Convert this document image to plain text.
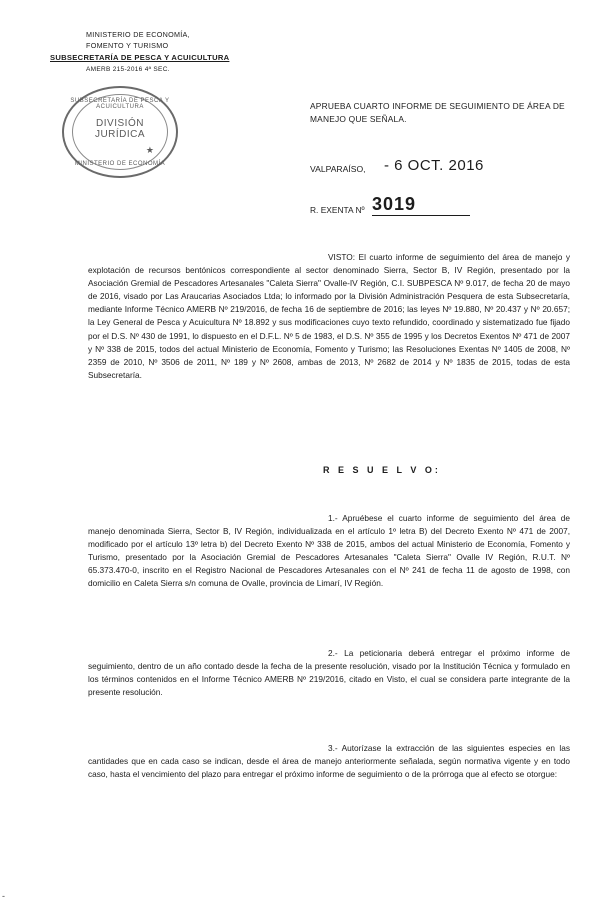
MINISTERIO DE ECONOMÍA,
FOMENTO Y TURISMO
SUBSECRETARÍA DE PESCA Y ACUICULTURA
AMERB 215-2016 4ª SEC.
SUBSECRETARÍA DE PESCA Y ACUICULTURA
DIVISIÓN
JURÍDICA
MINISTERIO DE ECONOMÍA
★
APRUEBA CUARTO INFORME DE SEGUIMIENTO DE ÁREA DE MANEJO QUE SEÑALA.
VALPARAÍSO, - 6 OCT. 2016
R. EXENTA Nº 3019
VISTO: El cuarto informe de seguimiento del área de manejo y explotación de recursos bentónicos correspondiente al sector denominado Sierra, Sector B, IV Región, presentado por la Asociación Gremial de Pescadores Artesanales "Caleta Sierra" Ovalle-IV Región, C.I. SUBPESCA Nº 9.017, de fecha 20 de mayo de 2016, visado por Las Araucarias Asociados Ltda; lo informado por la División Administración Pesquera de esta Subsecretaría, mediante Informe Técnico AMERB Nº 219/2016, de fecha 16 de septiembre de 2016; las leyes Nº 19.880, Nº 20.437 y Nº 20.657; la Ley General de Pesca y Acuicultura Nº 18.892 y sus modificaciones cuyo texto refundido, coordinado y sistematizado fue fijado por el D.S. Nº 430 de 1991, lo dispuesto en el D.F.L. Nº 5 de 1983, el D.S. Nº 355 de 1995 y los Decretos Exentos Nº 471 de 2007 y Nº 338 de 2015, todos del actual Ministerio de Economía, Fomento y Turismo; las Resoluciones Exentas Nº 1405 de 2008, Nº 2359 de 2010, Nº 3506 de 2011, Nº 189 y Nº 2608, ambas de 2013, Nº 2682 de 2014 y Nº 1835 de 2015, todas de esta Subsecretaría.
R E S U E L V O:
1.- Apruébese el cuarto informe de seguimiento del área de manejo denominada Sierra, Sector B, IV Región, individualizada en el artículo 1º letra B) del Decreto Exento Nº 471 de 2007, modificado por el artículo 13º letra b) del Decreto Exento Nº 338 de 2015, ambos del actual Ministerio de Economía, Fomento y Turismo, presentado por la Asociación Gremial de Pescadores Artesanales "Caleta Sierra" Ovalle IV Región, R.U.T. Nº 65.373.470-0, inscrito en el Registro Nacional de Pescadores Artesanales con el Nº 241 de fecha 11 de agosto de 1998, con domicilio en Caleta Sierra s/n comuna de Ovalle, provincia de Limarí, IV Región.
2.- La peticionaria deberá entregar el próximo informe de seguimiento, dentro de un año contado desde la fecha de la presente resolución, visado por la Institución Técnica y formulado en los términos contenidos en el Informe Técnico AMERB Nº 219/2016, citado en Visto, el cual se considera parte integrante de la presente resolución.
3.- Autorízase la extracción de las siguientes especies en las cantidades que en cada caso se indican, desde el área de manejo anteriormente señalada, según normativa vigente y en todo caso, hasta el vencimiento del plazo para entregar el próximo informe de seguimiento o de la prórroga que al efecto se otorgue:
-
